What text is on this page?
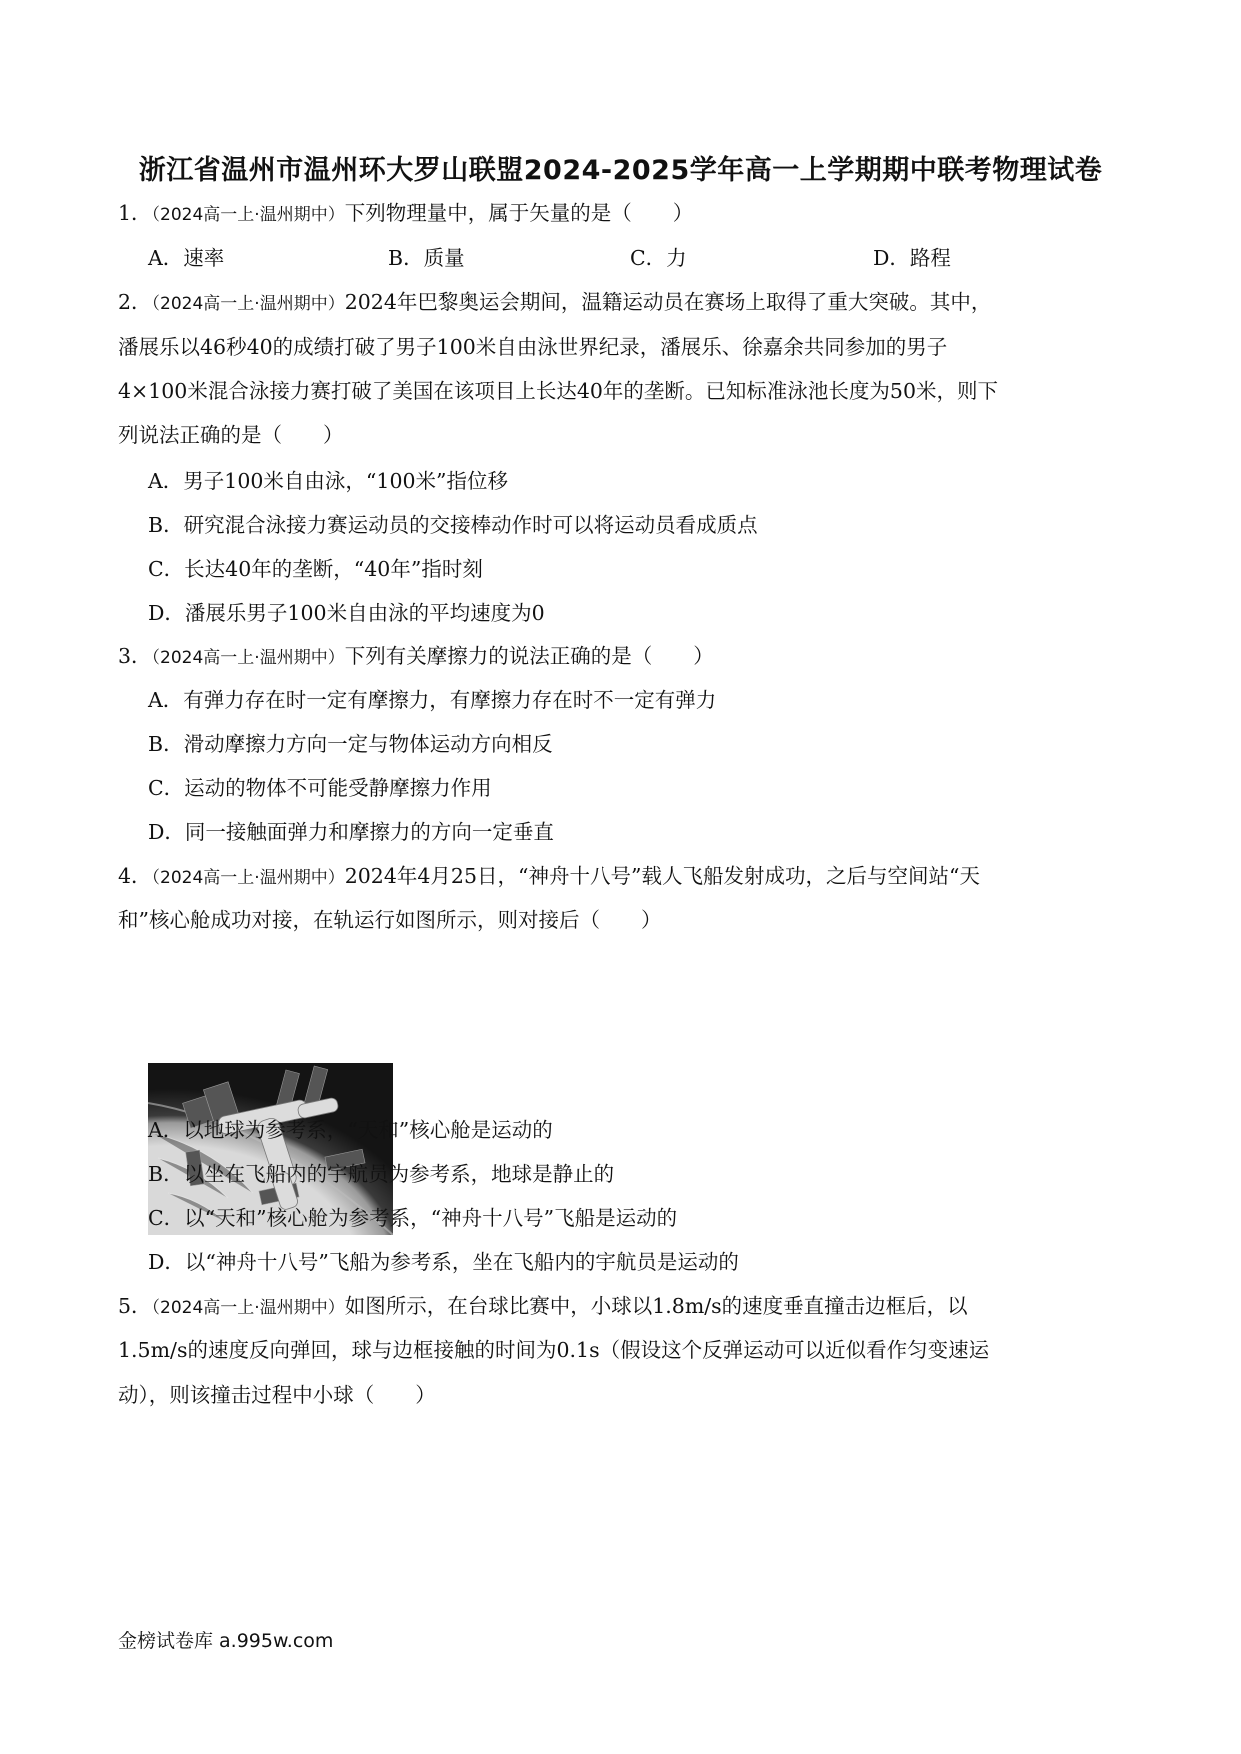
浙江省温州市温州环大罗山联盟2024-2025学年高一上学期期中联考物理试卷
1．（2024高一上·温州期中）下列物理量中，属于矢量的是（　　）
A．速率	B．质量	C．力	D．路程
2．（2024高一上·温州期中）2024年巴黎奥运会期间，温籍运动员在赛场上取得了重大突破。其中，
潘展乐以46秒40的成绩打破了男子100米自由泳世界纪录，潘展乐、徐嘉余共同参加的男子
4×100米混合泳接力赛打破了美国在该项目上长达40年的垄断。已知标准泳池长度为50米，则下
列说法正确的是（　　）
A．男子100米自由泳，“100米”指位移
B．研究混合泳接力赛运动员的交接棒动作时可以将运动员看成质点
C．长达40年的垄断，“40年”指时刻
D．潘展乐男子100米自由泳的平均速度为0
3．（2024高一上·温州期中）下列有关摩擦力的说法正确的是（　　）
A．有弹力存在时一定有摩擦力，有摩擦力存在时不一定有弹力
B．滑动摩擦力方向一定与物体运动方向相反
C．运动的物体不可能受静摩擦力作用
D．同一接触面弹力和摩擦力的方向一定垂直
4．（2024高一上·温州期中）2024年4月25日，“神舟十八号”载人飞船发射成功，之后与空间站“天
和”核心舱成功对接，在轨运行如图所示，则对接后（　　）
A．以地球为参考系，“天和”核心舱是运动的
B．以坐在飞船内的宇航员为参考系，地球是静止的
C．以“天和”核心舱为参考系，“神舟十八号”飞船是运动的
D．以“神舟十八号”飞船为参考系，坐在飞船内的宇航员是运动的
5．（2024高一上·温州期中）如图所示，在台球比赛中，小球以1.8m/s的速度垂直撞击边框后，以
1.5m/s的速度反向弹回，球与边框接触的时间为0.1s（假设这个反弹运动可以近似看作匀变速运
动），则该撞击过程中小球（　　）
金榜试卷库 a.995w.com
